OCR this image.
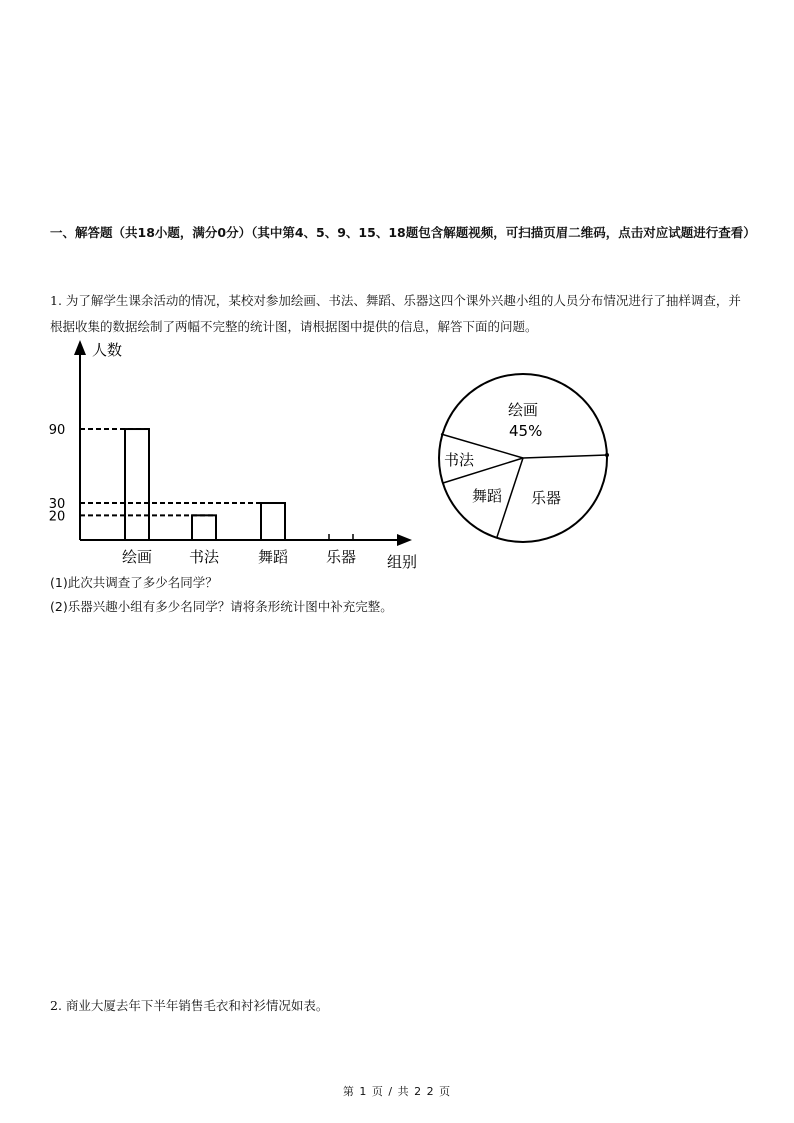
一、解答题（共18小题，满分0分）（其中第4、5、9、15、18题包含解题视频，可扫描页眉二维码，点击对应试题进行查看）
1. 为了解学生课余活动的情况，某校对参加绘画、书法、舞蹈、乐器这四个课外兴趣小组的人员分布情况进行了抽样调查，并根据收集的数据绘制了两幅不完整的统计图，请根据图中提供的信息，解答下面的问题。
人数
组别
20
30
90
绘画 书法	舞蹈	乐器
绘画
45%
书法
舞蹈 乐器
(1)此次共调查了多少名同学？
(2)乐器兴趣小组有多少名同学？请将条形统计图中补充完整。
2. 商业大厦去年下半年销售毛衣和衬衫情况如表。
第 1 页 / 共 2 2 页
